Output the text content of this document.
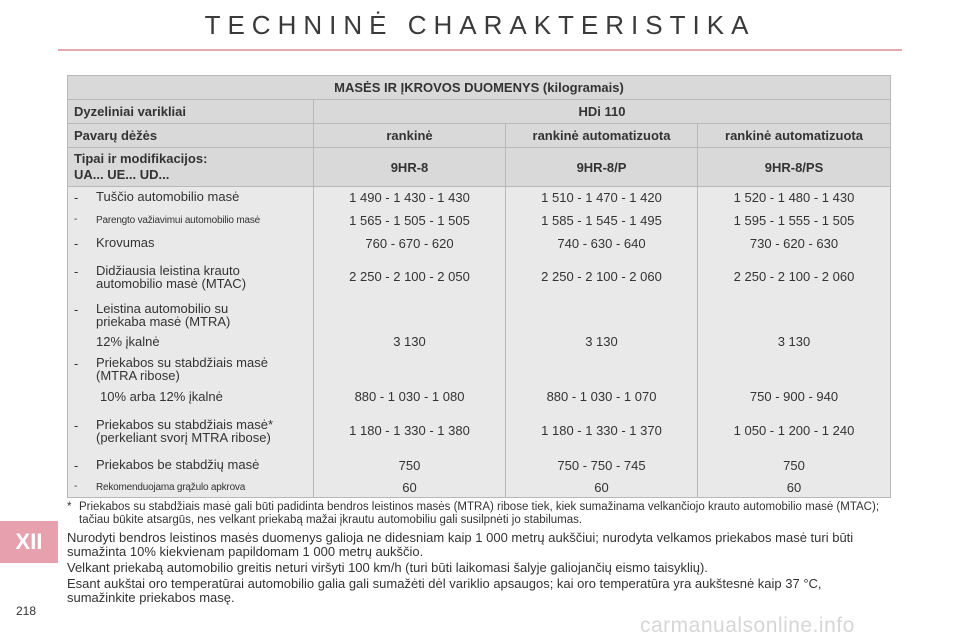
TECHNINĖ CHARAKTERISTIKA
MASĖS IR ĮKROVOS DUOMENYS (kilogramais)			
Dyzeliniai varikliai	HDi 110		
Pavarų dėžės	rankinė	rankinė automatizuota	rankinė automatizuota

Tipai ir modifikacijos:
UA... UE... UD...	9HR-8	9HR-8/P	9HR-8/PS

- Tuščio automobilio masė	1 490 - 1 430 - 1 430	1 510 - 1 470 - 1 420	1 520 - 1 480 - 1 430

- Parengto važiavimui automobilio masė	1 565 - 1 505 - 1 505	1 585 - 1 545 - 1 495	1 595 - 1 555 - 1 505

- Krovumas	760 - 670 - 620	740 - 630 - 640	730 - 620 - 630

- Didžiausia leistina krauto automobilio masė (MTAC)	2 250 - 2 100 - 2 050	2 250 - 2 100 - 2 060	2 250 - 2 100 - 2 060

- Leistina automobilio su priekaba masė (MTRA)			

12% įkalnė	3 130	3 130	3 130

- Priekabos su stabdžiais masė (MTRA ribose)			

10% arba 12% įkalnė	880 - 1 030 - 1 080	880 - 1 030 - 1 070	750 - 900 - 940

- Priekabos su stabdžiais masė* (perkeliant svorį MTRA ribose)	1 180 - 1 330 - 1 380	1 180 - 1 330 - 1 370	1 050 - 1 200 - 1 240

- Priekabos be stabdžių masė	750	750 - 750 - 745	750

- Rekomenduojama grąžulo apkrova	60	60	60
* Priekabos su stabdžiais masė gali būti padidinta bendros leistinos masės (MTRA) ribose tiek, kiek sumažinama velkančiojo krauto automobilio masė (MTAC); tačiau būkite atsargūs, nes velkant priekabą mažai įkrautu automobiliu gali susilpnėti jo stabilumas.
Nurodyti bendros leistinos masės duomenys galioja ne didesniam kaip 1 000 metrų aukščiui; nurodyta velkamos priekabos masė turi būti sumažinta 10% kiekvienam papildomam 1 000 metrų aukščio.
Velkant priekabą automobilio greitis neturi viršyti 100 km/h (turi būti laikomasi šalyje galiojančių eismo taisyklių).
Esant aukštai oro temperatūrai automobilio galia gali sumažėti dėl variklio apsaugos; kai oro temperatūra yra aukštesnė kaip 37 °C, sumažinkite priekabos masę.
XII
218
carmanualsonline.info
